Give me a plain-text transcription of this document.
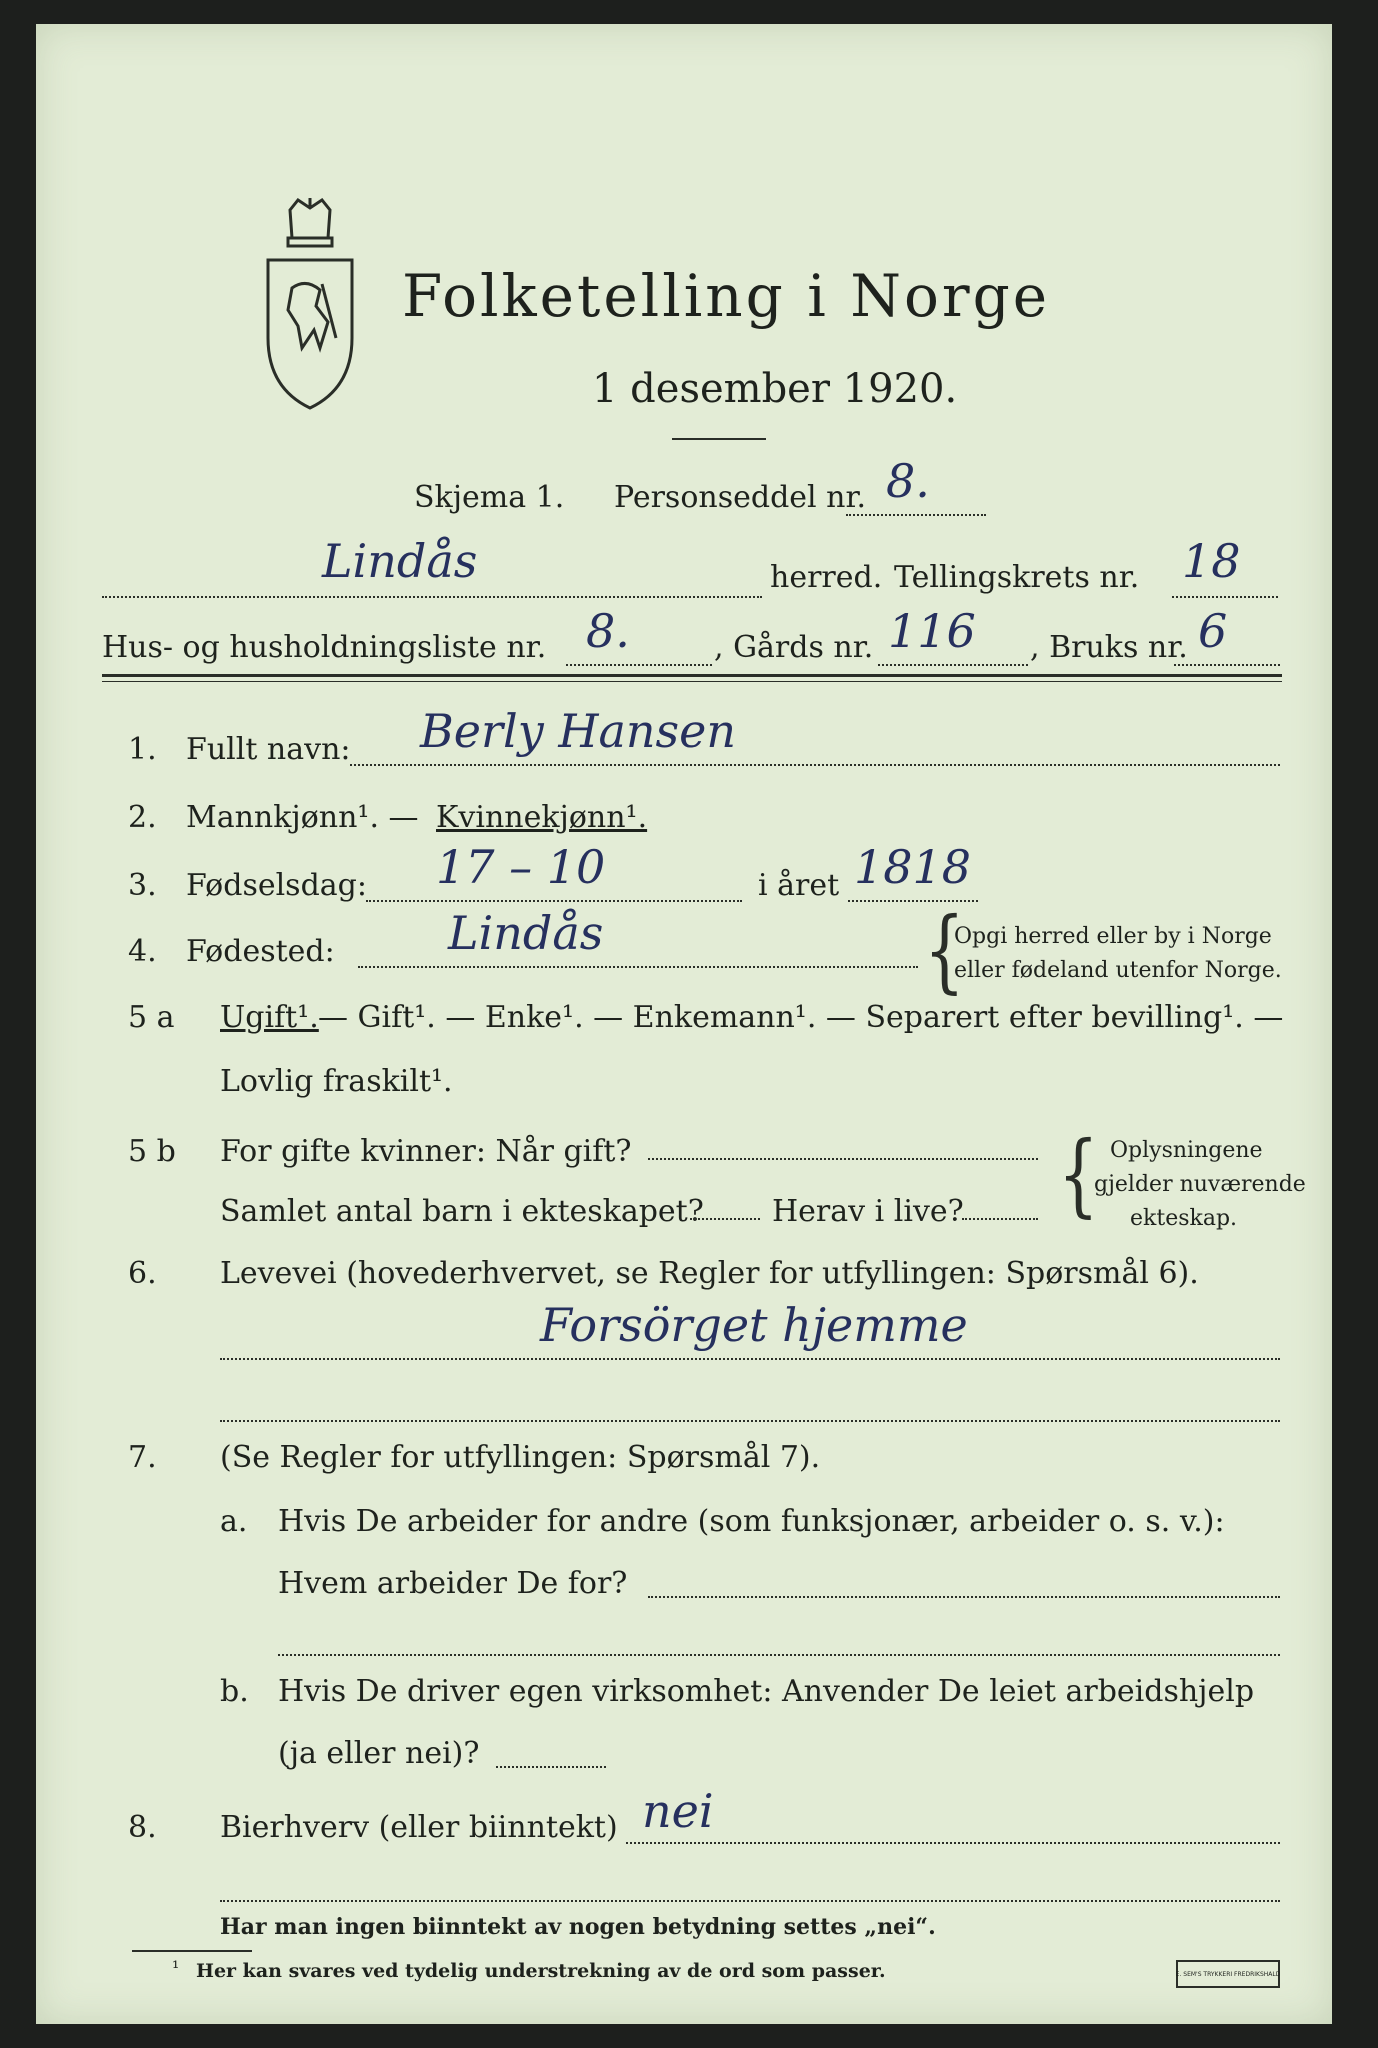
Folketelling i Norge
1 desember 1920.
Skjema 1. Personseddel nr. 8.
Lindås	herred. Tellingskrets nr. 18
Hus- og husholdningsliste nr. 8.	, Gårds nr. 116	, Bruks nr. 6
1. Fullt navn:	Berly Hansen
2. Mannkjønn¹. — Kvinnekjønn¹.
3. Fødselsdag:	17 – 10	i året 1818
4. Fødested:	Lindås	{
Opgi herred eller by i Norge
eller fødeland utenfor Norge.
5 a Ugift¹. — Gift¹. — Enke¹. — Enkemann¹. — Separert efter bevilling¹. —
Lovlig fraskilt¹.
5 b For gifte kvinner: Når gift?
Samlet antal barn i ekteskapet? Herav i live? { Oplysningene
gjelder nuværende
ekteskap.
6. Levevei (hovederhvervet, se Regler for utfyllingen: Spørsmål 6).
Forsörget hjemme
7. (Se Regler for utfyllingen: Spørsmål 7).
a. Hvis De arbeider for andre (som funksjonær, arbeider o. s. v.):
Hvem arbeider De for?
b. Hvis De driver egen virksomhet: Anvender De leiet arbeidshjelp
(ja eller nei)?
8. Bierhverv (eller biinntekt) nei
Har man ingen biinntekt av nogen betydning settes „nei“.
¹ Her kan svares ved tydelig understrekning av de ord som passer.	E. SEM'S TRYKKERI FREDRIKSHALD
